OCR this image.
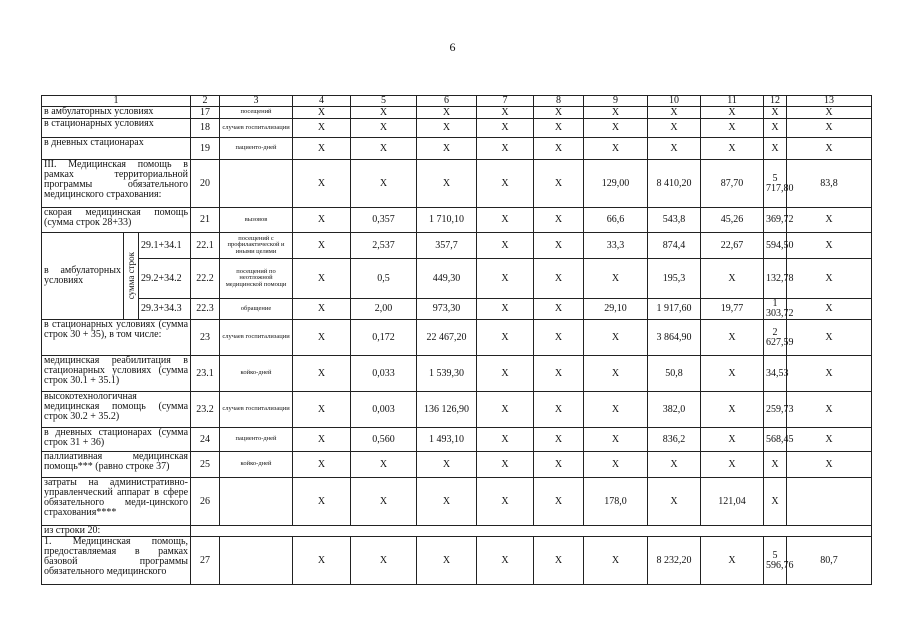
6
1			2	3	4	5	6	7	8	9	10	11	12	13
в амбулаторных условиях			17	посещений	X	X	X	X	X	X	X	X	X	X
в стационарных условиях			18	случаев госпитализации	X	X	X	X	X	X	X	X	X	X
в дневных стационарах			19	пациенто-дней	X	X	X	X	X	X	X	X	X	X
III. Медицинская помощь в рамках территориальной программы обязательного медицинского страхования:			20		X	X	X	X	X	129,00	8 410,20	87,70	5 717,80	83,8
скорая медицинская помощь (сумма строк 28+33)			21	вызовов	X	0,357	1 710,10	X	X	66,6	543,8	45,26	369,72	X
в амбулаторных условиях	сумма строк	29.1+34.1	22.1	посещений с профилактической и иными целями	X	2,537	357,7	X	X	33,3	874,4	22,67	594,50	X
		29.2+34.2	22.2	посещений по неотложной медицинской помощи	X	0,5	449,30	X	X	X	195,3	X	132,78	X
		29.3+34.3	22.3	обращение	X	2,00	973,30	X	X	29,10	1 917,60	19,77	1 303,72	X
в стационарных условиях (сумма строк 30 + 35), в том числе:			23	случаев госпитализации	X	0,172	22 467,20	X	X	X	3 864,90	X	2 627,59	X
медицинская реабилитация в стационарных условиях (сумма строк 30.1 + 35.1)			23.1	койко-дней	X	0,033	1 539,30	X	X	X	50,8	X	34,53	X
высокотехнологичная медицинская помощь (сумма строк 30.2 + 35.2)			23.2	случаев госпитализации	X	0,003	136 126,90	X	X	X	382,0	X	259,73	X
в дневных стационарах (сумма строк 31 + 36)			24	пациенто-дней	X	0,560	1 493,10	X	X	X	836,2	X	568,45	X
паллиативная медицинская помощь*** (равно строке 37)			25	койко-дней	X	X	X	X	X	X	X	X	X	X
затраты на административно-управленческий аппарат в сфере обязательного меди-цинского страхования****			26		X	X	X	X	X	178,0	X	121,04	X	
из строки 20:														
1. Медицинская помощь, предоставляемая в рамках базовой программы обязательного медицинского			27		X	X	X	X	X	X	8 232,20	X	5 596,76	80,7
